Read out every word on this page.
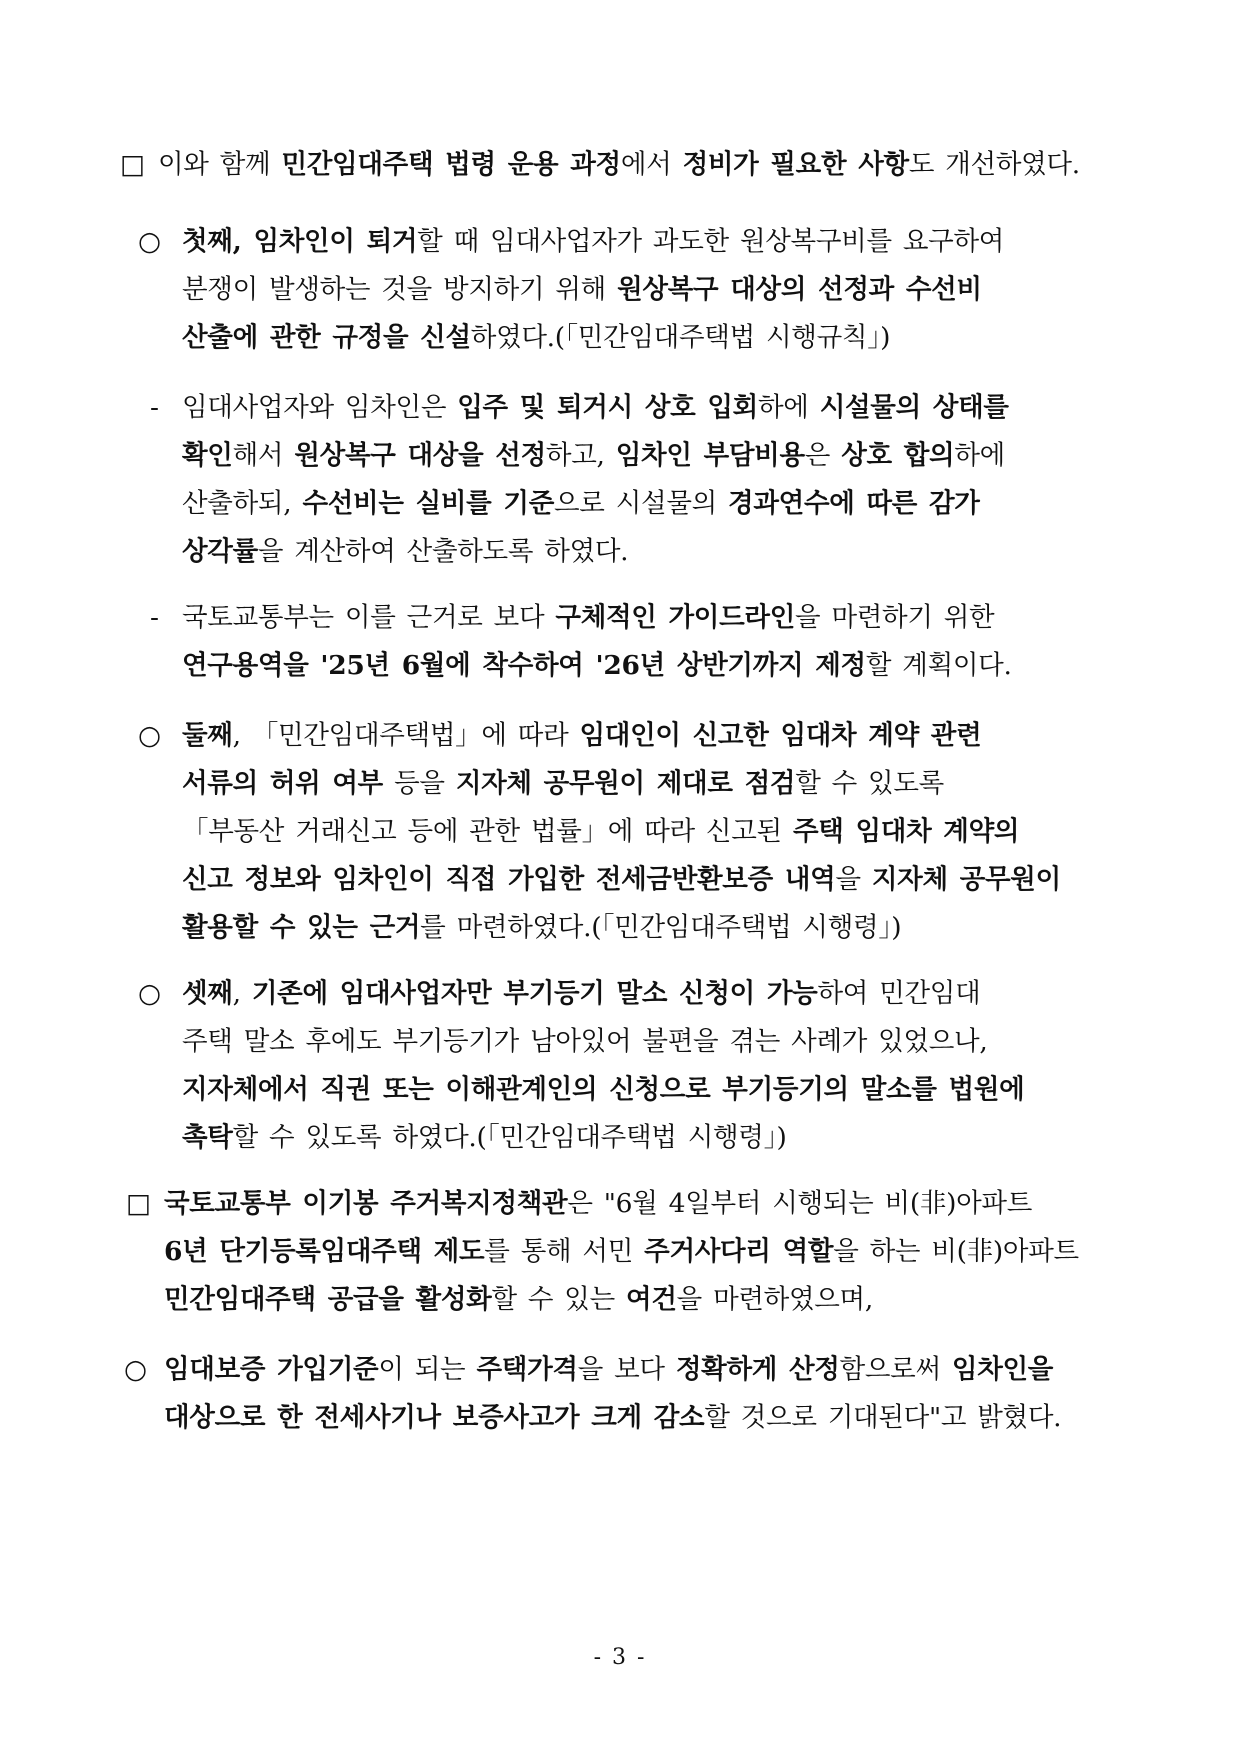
□ 이와 함께 민간임대주택 법령 운용 과정에서 정비가 필요한 사항도 개선하였다.
○ 첫째, 임차인이 퇴거할 때 임대사업자가 과도한 원상복구비를 요구하여
분쟁이 발생하는 것을 방지하기 위해 원상복구 대상의 선정과 수선비
산출에 관한 규정을 신설하였다.(「민간임대주택법 시행규칙」)
- 임대사업자와 임차인은 입주 및 퇴거시 상호 입회하에 시설물의 상태를
확인해서 원상복구 대상을 선정하고, 임차인 부담비용은 상호 합의하에
산출하되, 수선비는 실비를 기준으로 시설물의 경과연수에 따른 감가
상각률을 계산하여 산출하도록 하였다.
- 국토교통부는 이를 근거로 보다 구체적인 가이드라인을 마련하기 위한
연구용역을 '25년 6월에 착수하여 '26년 상반기까지 제정할 계획이다.
○ 둘째, 「민간임대주택법」에 따라 임대인이 신고한 임대차 계약 관련
서류의 허위 여부 등을 지자체 공무원이 제대로 점검할 수 있도록
「부동산 거래신고 등에 관한 법률」에 따라 신고된 주택 임대차 계약의
신고 정보와 임차인이 직접 가입한 전세금반환보증 내역을 지자체 공무원이
활용할 수 있는 근거를 마련하였다.(「민간임대주택법 시행령」)
○ 셋째, 기존에 임대사업자만 부기등기 말소 신청이 가능하여 민간임대
주택 말소 후에도 부기등기가 남아있어 불편을 겪는 사례가 있었으나,
지자체에서 직권 또는 이해관계인의 신청으로 부기등기의 말소를 법원에
촉탁할 수 있도록 하였다.(「민간임대주택법 시행령」)
□ 국토교통부 이기봉 주거복지정책관은 "6월 4일부터 시행되는 비(非)아파트
6년 단기등록임대주택 제도를 통해 서민 주거사다리 역할을 하는 비(非)아파트
민간임대주택 공급을 활성화할 수 있는 여건을 마련하였으며,
○ 임대보증 가입기준이 되는 주택가격을 보다 정확하게 산정함으로써 임차인을
대상으로 한 전세사기나 보증사고가 크게 감소할 것으로 기대된다"고 밝혔다.
- 3 -
